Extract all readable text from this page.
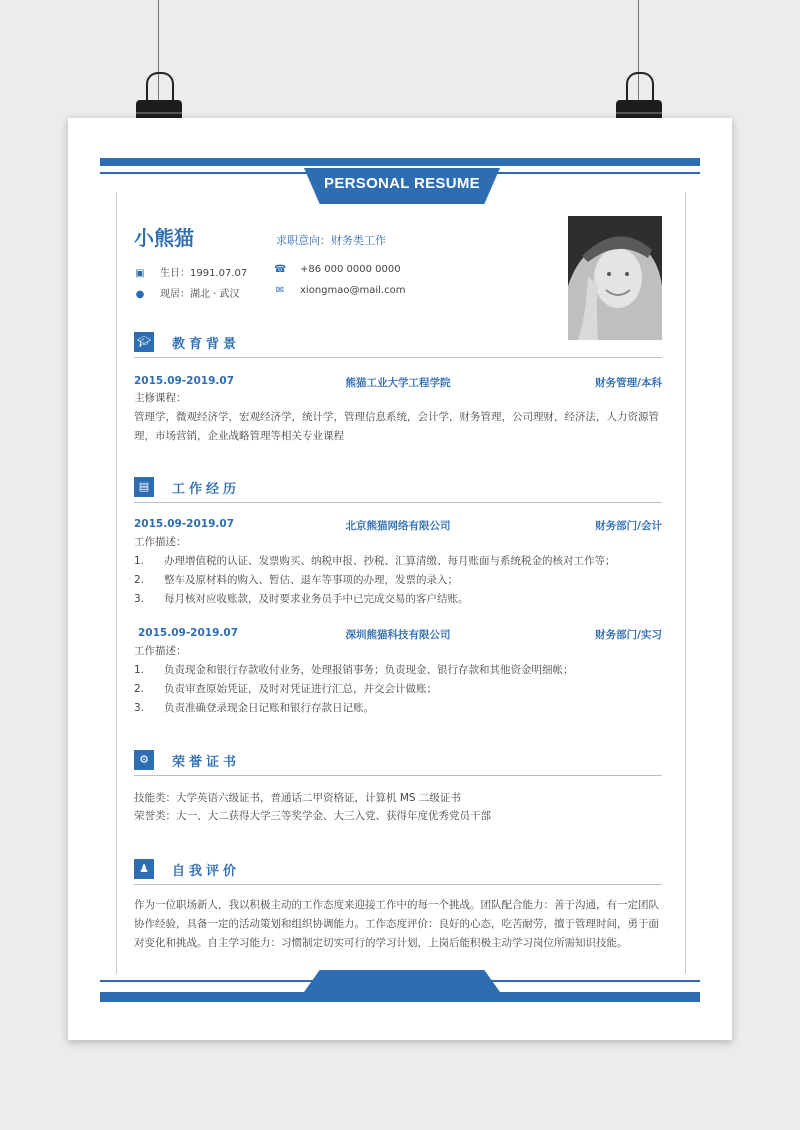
PERSONAL RESUME
小熊猫	求职意向：财务类工作
▣ 生日：1991.07.07
● 现居：湖北 · 武汉
☎ +86 000 0000 0000
✉ xiongmao@mail.com
🎓︎ 教育背景
2015.09-2019.07	熊猫工业大学工程学院	财务管理/本科
主修课程：
管理学，微观经济学，宏观经济学，统计学，管理信息系统，会计学，财务管理，公司理财，经济法，人力资源管理，市场营销，企业战略管理等相关专业课程
▤	工作经历
2015.09-2019.07	北京熊猫网络有限公司	财务部门/会计
工作描述：
1. 办理增值税的认证、发票购买、纳税申报、抄税、汇算清缴、每月账面与系统税金的核对工作等；
2. 整车及原材料的购入、暂估、退车等事项的办理，发票的录入；
3. 每月核对应收账款，及时要求业务员手中已完成交易的客户结账。
2015.09-2019.07	深圳熊猫科技有限公司	财务部门/实习
工作描述：
1. 负责现金和银行存款收付业务，处理报销事务；负责现金、银行存款和其他资金明细帐；
2. 负责审查原始凭证，及时对凭证进行汇总，并交会计做账；
3. 负责准确登录现金日记账和银行存款日记账。
⚙	荣誉证书
技能类：大学英语六级证书，普通话二甲资格证，计算机 MS 二级证书
荣誉类：大一、大二获得大学三等奖学金、大三入党、获得年度优秀党员干部
♟	自我评价
作为一位职场新人，我以积极主动的工作态度来迎接工作中的每一个挑战。团队配合能力：善于沟通，有一定团队协作经验，具备一定的活动策划和组织协调能力。工作态度评价：良好的心态，吃苦耐劳，擅于管理时间，勇于面对变化和挑战。自主学习能力：习惯制定切实可行的学习计划，上岗后能积极主动学习岗位所需知识技能。
